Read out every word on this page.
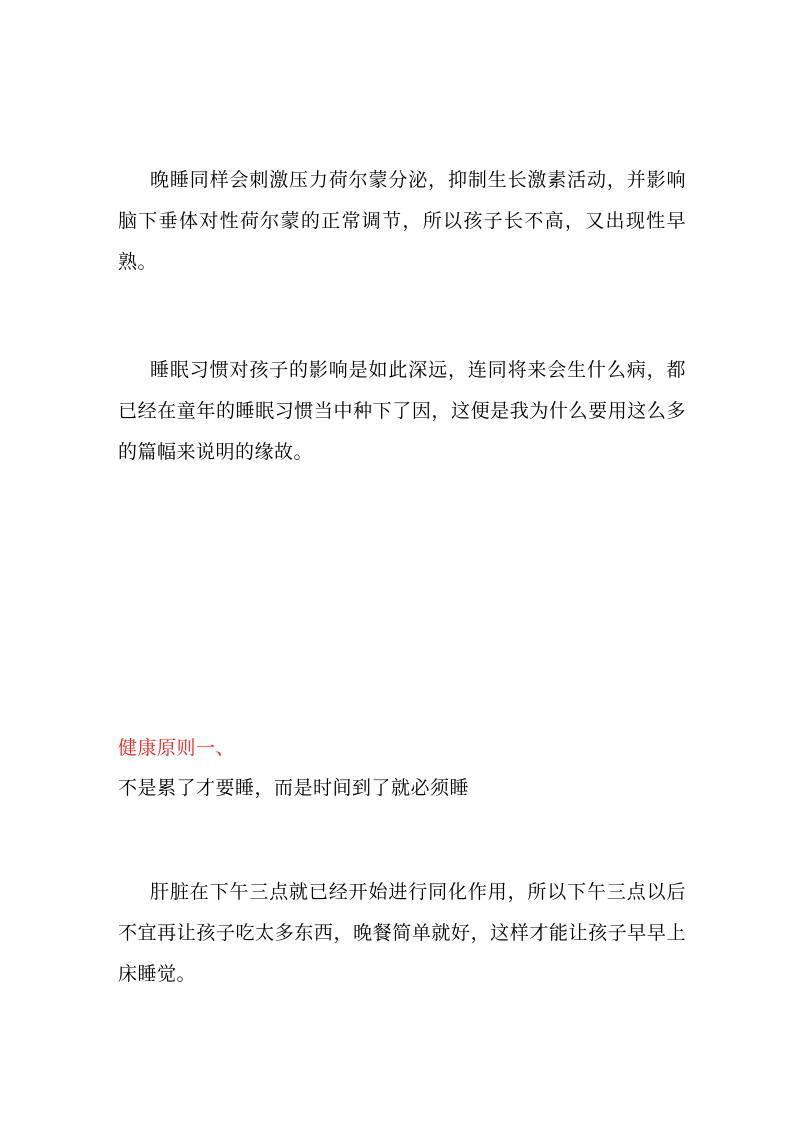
晚睡同样会刺激压力荷尔蒙分泌，抑制生长激素活动，并影响脑下垂体对性荷尔蒙的正常调节，所以孩子长不高，又出现性早熟。

睡眠习惯对孩子的影响是如此深远，连同将来会生什么病，都已经在童年的睡眠习惯当中种下了因，这便是我为什么要用这么多的篇幅来说明的缘故。

健康原则一、

不是累了才要睡，而是时间到了就必须睡

肝脏在下午三点就已经开始进行同化作用，所以下午三点以后不宜再让孩子吃太多东西，晚餐简单就好，这样才能让孩子早早上床睡觉。
